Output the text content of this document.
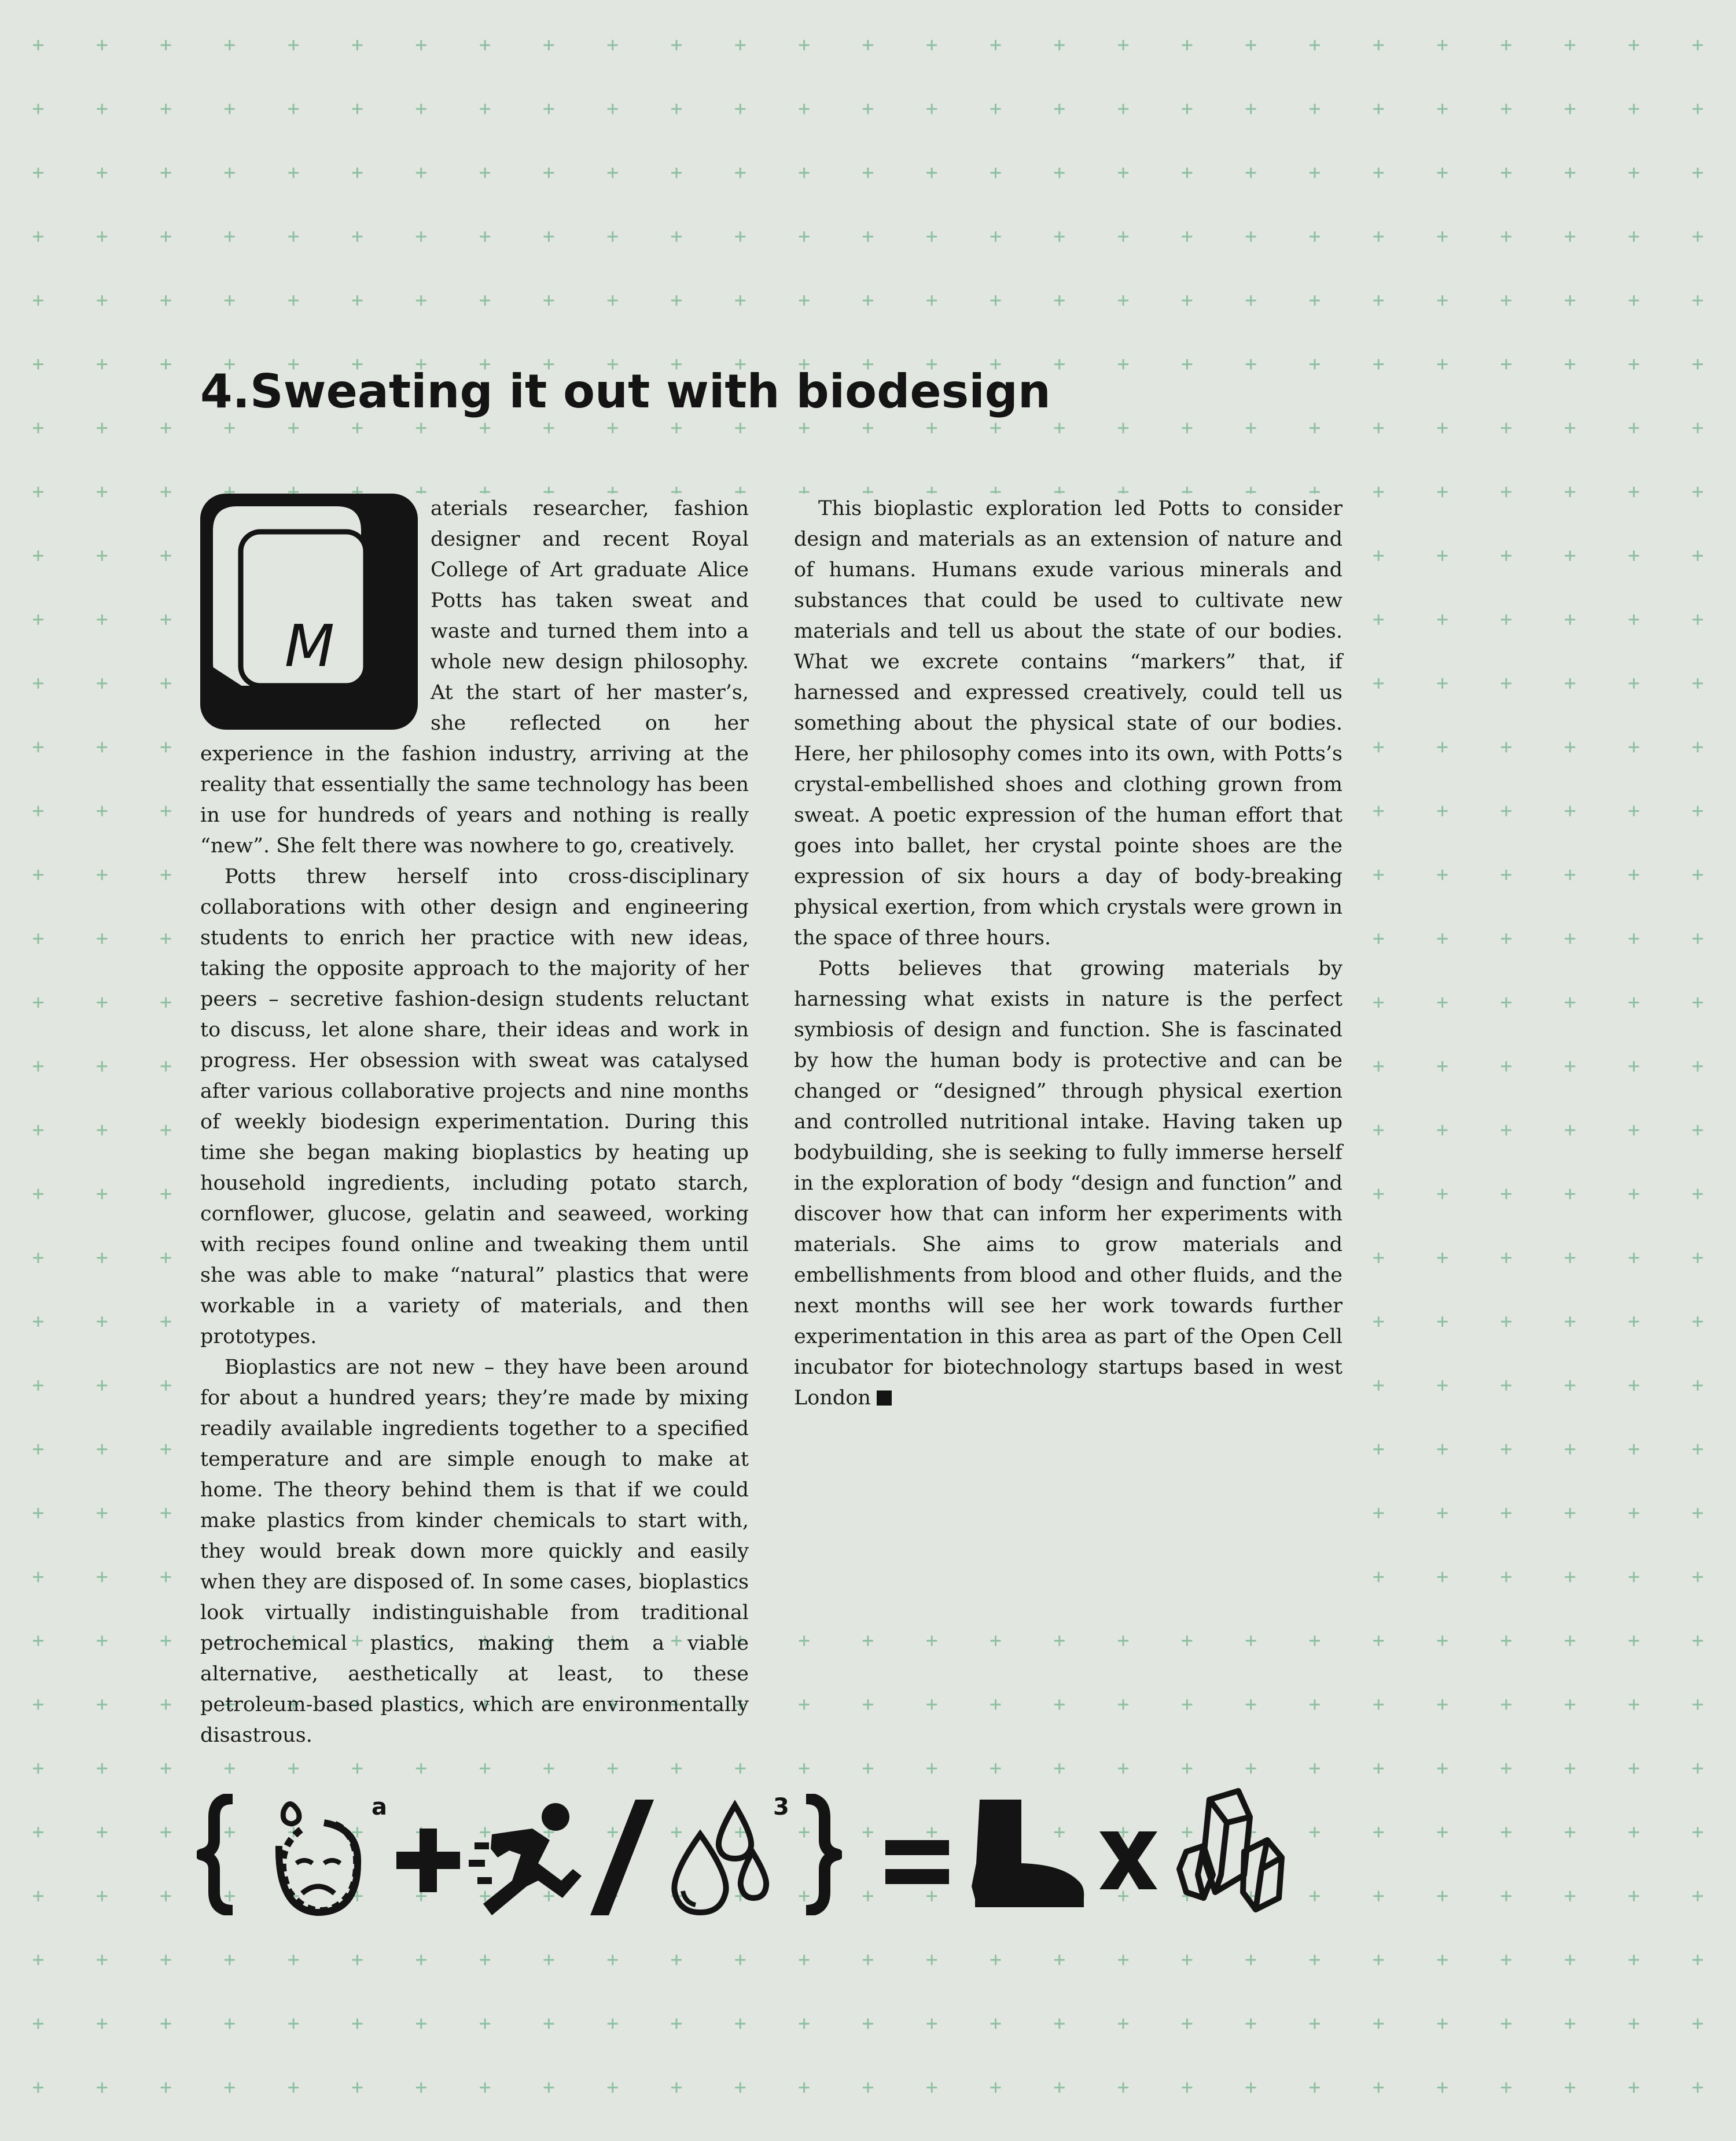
4.Sweating it out with biodesign
M

aterials researcher, fashion designer and recent Royal College of Art graduate Alice Potts has taken sweat and waste and turned them into a whole new design philosophy. At the start of her master’s, she reflected on her experience in the fashion industry, arriving at the reality that essentially the same technology has been in use for hundreds of years and nothing is really “new”. She felt there was nowhere to go, creatively.

Potts threw herself into cross-disciplinary collaborations with other design and engineering students to enrich her practice with new ideas, taking the opposite approach to the majority of her peers – secretive fashion-design students reluctant to discuss, let alone share, their ideas and work in progress. Her obsession with sweat was catalysed after various collaborative projects and nine months of weekly biodesign experimentation. During this time she began making bioplastics by heating up household ingredients, including potato starch, cornflower, glucose, gelatin and seaweed, working with recipes found online and tweaking them until she was able to make “natural” plastics that were workable in a variety of materials, and then prototypes.

Bioplastics are not new – they have been around for about a hundred years; they’re made by mixing readily available ingredients together to a specified temperature and are simple enough to make at home. The theory behind them is that if we could make plastics from kinder chemicals to start with, they would break down more quickly and easily when they are disposed of. In some cases, bioplastics look virtually indistinguishable from traditional petrochemical plastics, making them a viable alternative, aesthetically at least, to these petroleum-based plastics, which are environmentally disastrous.

This bioplastic exploration led Potts to consider design and materials as an extension of nature and of humans. Humans exude various minerals and substances that could be used to cultivate new materials and tell us about the state of our bodies. What we excrete contains “markers” that, if harnessed and expressed creatively, could tell us something about the physical state of our bodies. Here, her philosophy comes into its own, with Potts’s crystal-embellished shoes and clothing grown from sweat. A poetic expression of the human effort that goes into ballet, her crystal pointe shoes are the expression of six hours a day of body-breaking physical exertion, from which crystals were grown in the space of three hours.

Potts believes that growing materials by harnessing what exists in nature is the perfect symbiosis of design and function. She is fascinated by how the human body is protective and can be changed or “designed” through physical exertion and controlled nutritional intake. Having taken up bodybuilding, she is seeking to fully immerse herself in the exploration of body “design and function” and discover how that can inform her experiments with materials. She aims to grow materials and embellishments from blood and other fluids, and the next months will see her work towards further experimentation in this area as part of the Open Cell incubator for biotechnology startups based in west London

a	3
